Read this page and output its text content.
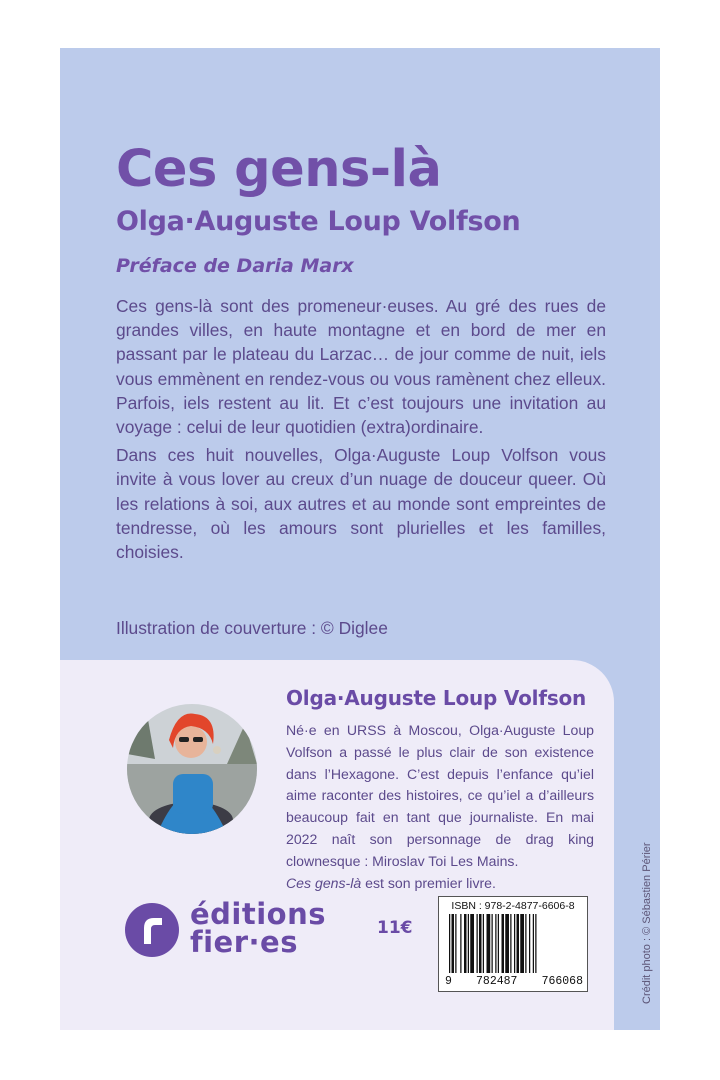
Ces gens-là
Olga·Auguste Loup Volfson

Préface de Daria Marx

Ces gens-là sont des promeneur·euses. Au gré des rues de grandes villes, en haute montagne et en bord de mer en passant par le plateau du Larzac… de jour comme de nuit, iels vous emmènent en rendez-vous ou vous ramènent chez elleux. Parfois, iels restent au lit. Et c’est toujours une invitation au voyage : celui de leur quotidien (extra)ordinaire.

Dans ces huit nouvelles, Olga·Auguste Loup Volfson vous invite à vous lover au creux d’un nuage de douceur queer. Où les relations à soi, aux autres et au monde sont empreintes de tendresse, où les amours sont plurielles et les familles, choisies.

Illustration de couverture : © Diglee
Olga·Auguste Loup Volfson
Né·e en URSS à Moscou, Olga·Auguste Loup Volfson a passé le plus clair de son existence dans l’Hexagone. C’est depuis l’enfance qu’iel aime raconter des histoires, ce qu’iel a d’ailleurs beaucoup fait en tant que journaliste. En mai 2022 naît son personnage de drag king clownesque : Miroslav Toi Les Mains.
Ces gens-là est son premier livre.
éditions
fier·es	11€
ISBN : 978-2-4877-6606-8
9 782487 766068	Crédit photo : © Sébastien Périer
